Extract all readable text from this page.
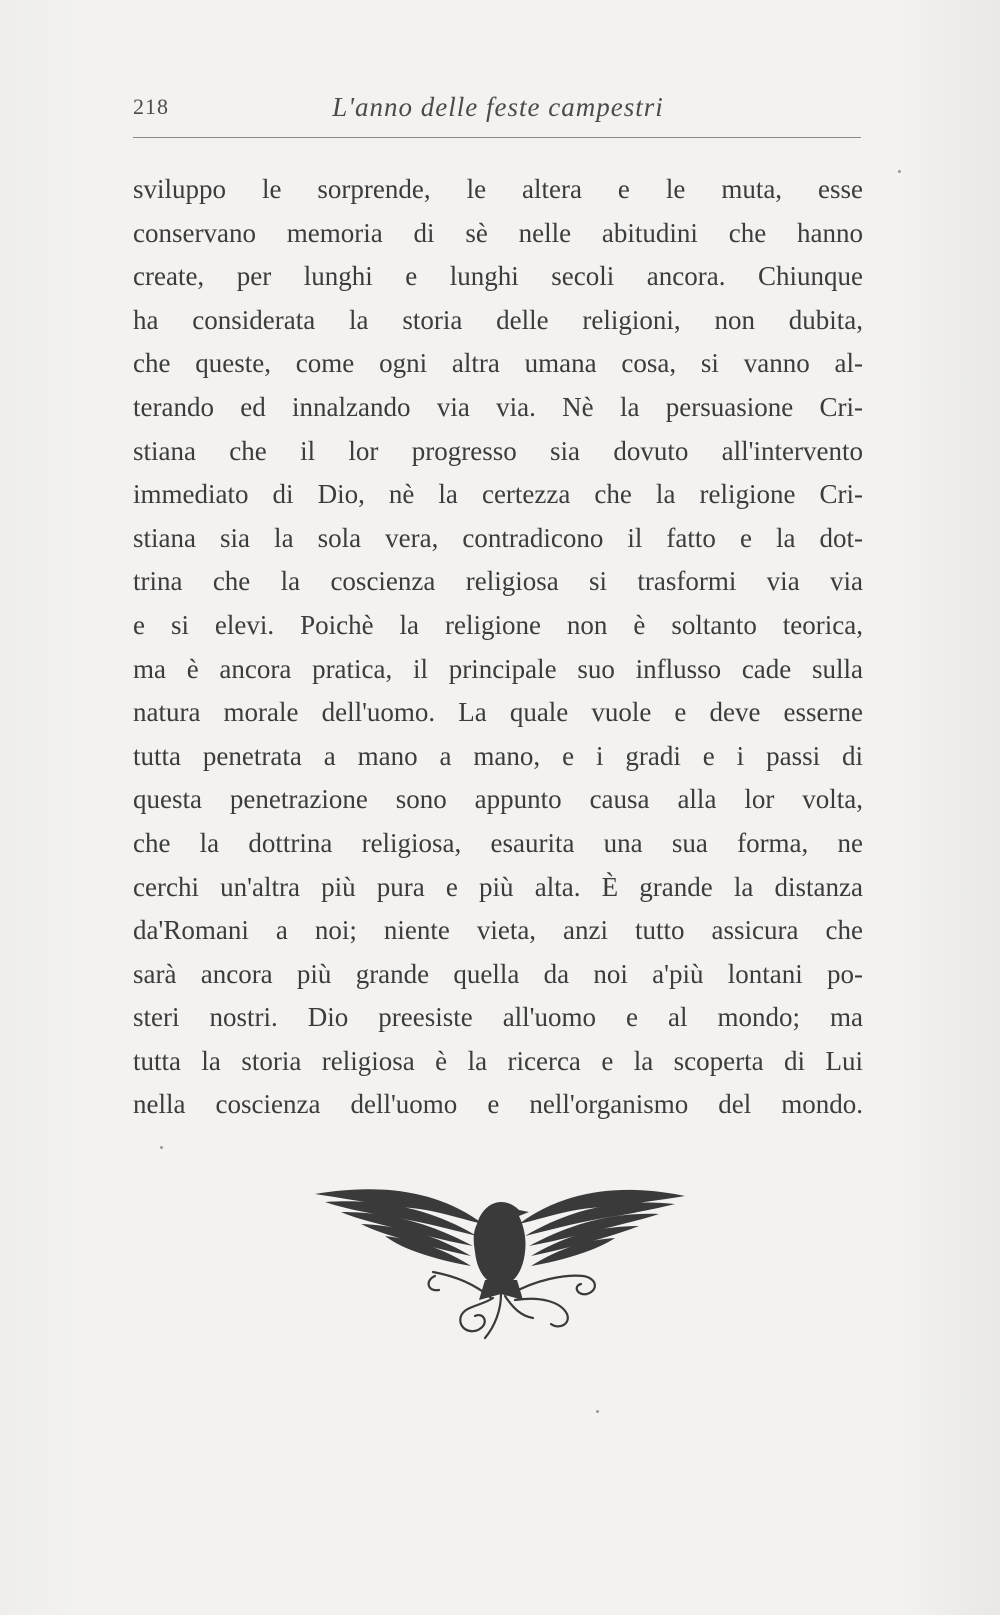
218	L'anno delle feste campestri
sviluppo le sorprende, le altera e le muta, esse
conservano memoria di sè nelle abitudini che hanno
create, per lunghi e lunghi secoli ancora. Chiunque
ha considerata la storia delle religioni, non dubita,
che queste, come ogni altra umana cosa, si vanno al-
terando ed innalzando via via. Nè la persuasione Cri-
stiana che il lor progresso sia dovuto all'intervento
immediato di Dio, nè la certezza che la religione Cri-
stiana sia la sola vera, contradicono il fatto e la dot-
trina che la coscienza religiosa si trasformi via via
e si elevi. Poichè la religione non è soltanto teorica,
ma è ancora pratica, il principale suo influsso cade sulla
natura morale dell'uomo. La quale vuole e deve esserne
tutta penetrata a mano a mano, e i gradi e i passi di
questa penetrazione sono appunto causa alla lor volta,
che la dottrina religiosa, esaurita una sua forma, ne
cerchi un'altra più pura e più alta. È grande la distanza
da'Romani a noi; niente vieta, anzi tutto assicura che
sarà ancora più grande quella da noi a'più lontani po-
steri nostri. Dio preesiste all'uomo e al mondo; ma
tutta la storia religiosa è la ricerca e la scoperta di Lui
nella coscienza dell'uomo e nell'organismo del mondo.
